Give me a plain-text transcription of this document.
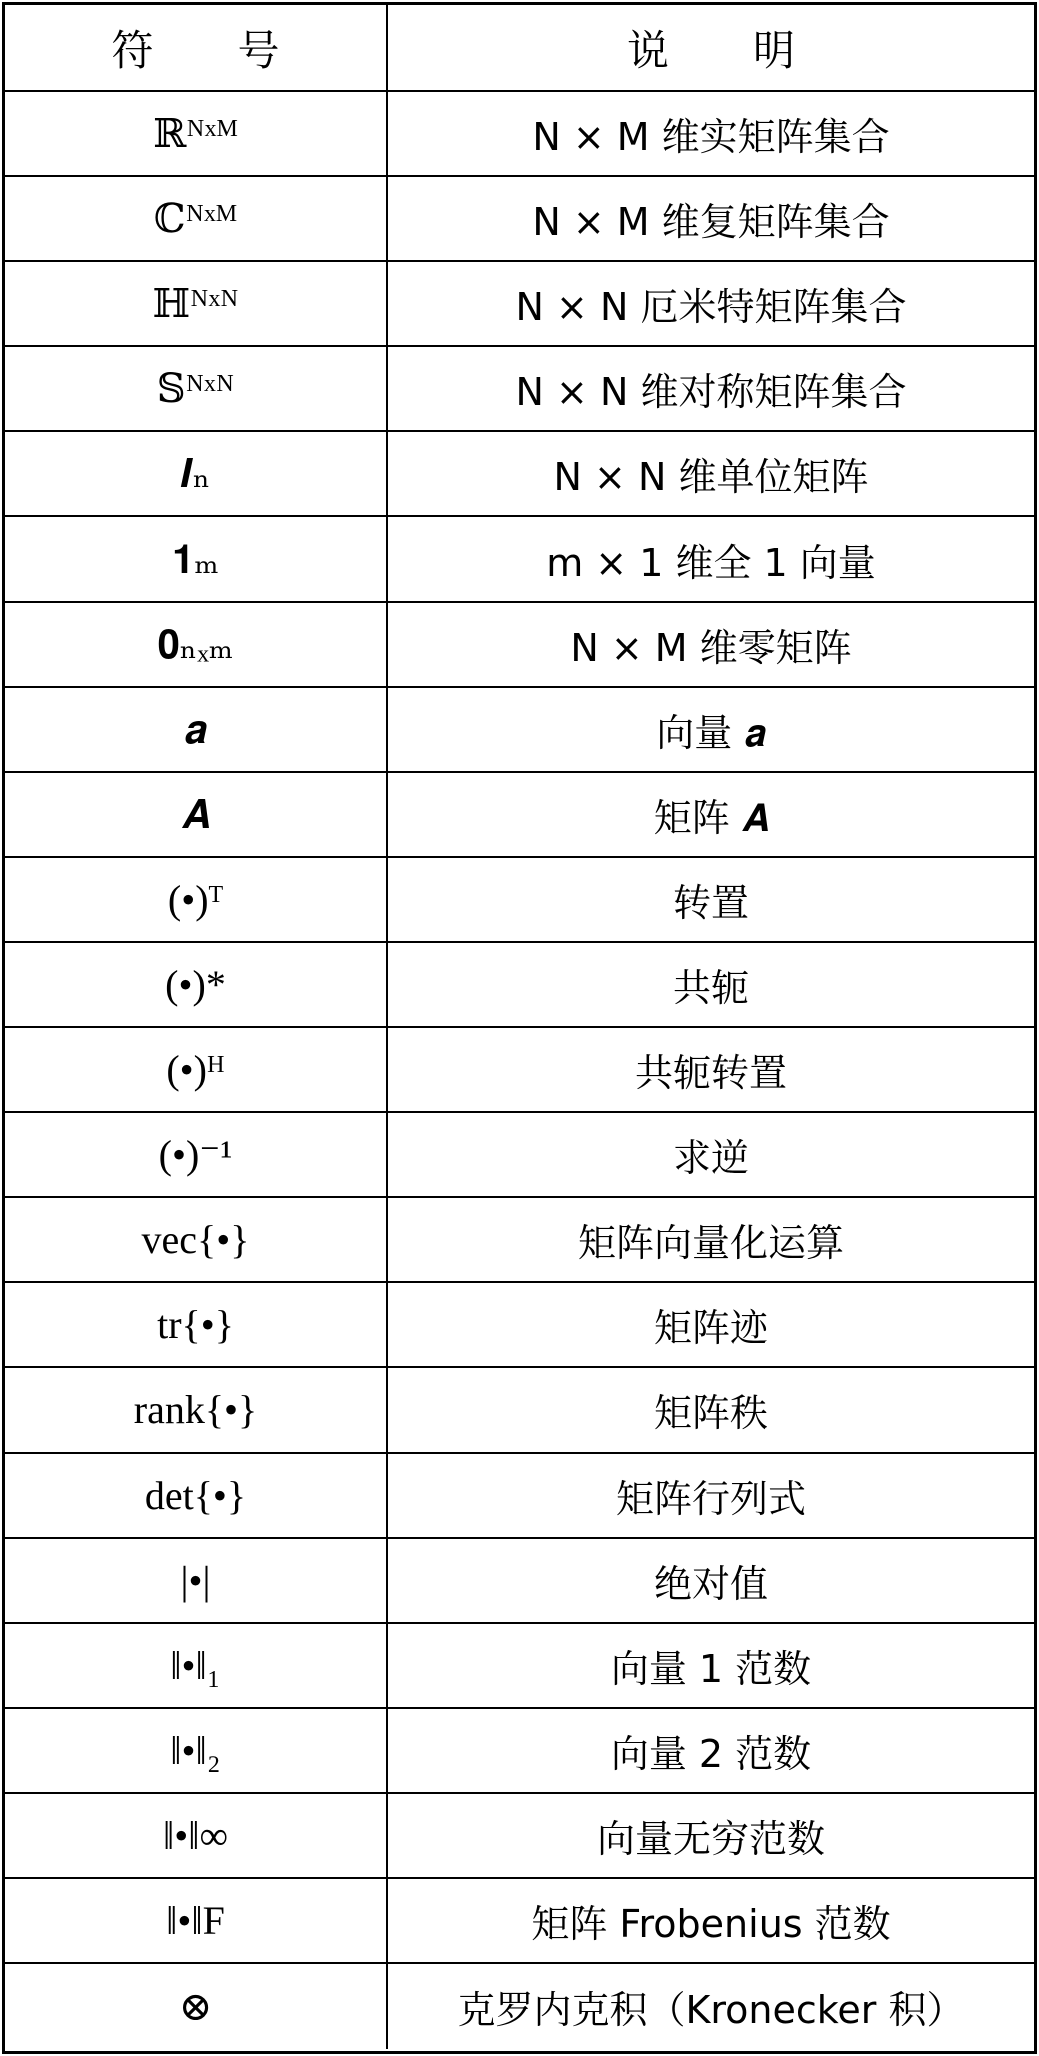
符　　号	说　　明
ℝᴺˣᴹ	N × M 维实矩阵集合
ℂᴺˣᴹ	N × M 维复矩阵集合
ℍᴺˣᴺ	N × N 厄米特矩阵集合
𝕊ᴺˣᴺ	N × N 维对称矩阵集合
𝑰ₙ	N × N 维单位矩阵
𝟏ₘ	m × 1 维全 1 向量
𝟎ₙₓₘ	N × M 维零矩阵
𝒂	向量 𝒂
𝑨	矩阵 𝑨
(•)ᵀ	转置
(•)*	共轭
(•)ᴴ	共轭转置
(•)⁻¹	求逆
vec{•}	矩阵向量化运算
tr{•}	矩阵迹
rank{•}	矩阵秩
det{•}	矩阵行列式
|•|	绝对值
‖•‖₁	向量 1 范数
‖•‖₂	向量 2 范数
‖•‖∞	向量无穷范数
‖•‖F	矩阵 Frobenius 范数
⊗	克罗内克积（Kronecker 积）
